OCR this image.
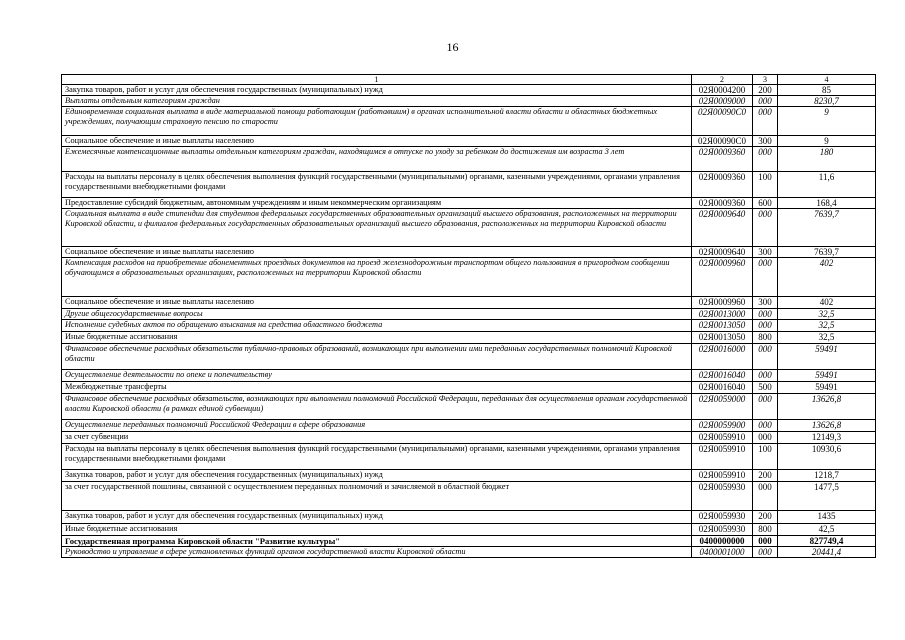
16
1	2	3	4
Закупка товаров, работ и услуг для обеспечения государственных (муниципальных) нужд	02Я0004200	200	85
Выплаты отдельным категориям граждан	02Я0009000	000	8230,7
Единовременная социальная выплата в виде материальной помощи работающим (работавшим) в органах исполнительной власти области и областных бюджетных учреждениях, получающим страховую пенсию по старости	02Я00090С0	000	9
Социальное обеспечение и иные выплаты населению	02Я00090С0	300	9
Ежемесячные компенсационные выплаты отдельным категориям граждан, находящимся в отпуске по уходу за ребенком до достижения им возраста 3 лет	02Я0009360	000	180
Расходы на выплаты персоналу в целях обеспечения выполнения функций государственными (муниципальными) органами, казенными учреждениями, органами управления государственными внебюджетными фондами	02Я0009360	100	11,6
Предоставление субсидий бюджетным, автономным учреждениям и иным некоммерческим организациям	02Я0009360	600	168,4
Социальная выплата в виде стипендии для студентов федеральных государственных образовательных организаций высшего образования, расположенных на территории Кировской области, и филиалов федеральных государственных образовательных организаций высшего образования, расположенных на территории Кировской области	02Я0009640	000	7639,7
Социальное обеспечение и иные выплаты населению	02Я0009640	300	7639,7
Компенсация расходов на приобретение абонементных проездных документов на проезд железнодорожным транспортом общего пользования в пригородном сообщении обучающимся в образовательных организациях, расположенных на территории Кировской области	02Я0009960	000	402
Социальное обеспечение и иные выплаты населению	02Я0009960	300	402
Другие общегосударственные вопросы	02Я0013000	000	32,5
Исполнение судебных актов по обращению взыскания на средства областного бюджета	02Я0013050	000	32,5
Иные бюджетные ассигнования	02Я0013050	800	32,5
Финансовое обеспечение расходных обязательств публично-правовых образований, возникающих при выполнении ими переданных государственных полномочий Кировской области	02Я0016000	000	59491
Осуществление деятельности по опеке и попечительству	02Я0016040	000	59491
Межбюджетные трансферты	02Я0016040	500	59491
Финансовое обеспечение расходных обязательств, возникающих при выполнении полномочий Российской Федерации, переданных для осуществления органам государственной власти Кировской области (в рамках единой субвенции)	02Я0059000	000	13626,8
Осуществление переданных полномочий Российской Федерации в сфере образования	02Я0059900	000	13626,8
за счет субвенции	02Я0059910	000	12149,3
Расходы на выплаты персоналу в целях обеспечения выполнения функций государственными (муниципальными) органами, казенными учреждениями, органами управления государственными внебюджетными фондами	02Я0059910	100	10930,6
Закупка товаров, работ и услуг для обеспечения государственных (муниципальных) нужд	02Я0059910	200	1218,7
за счет государственной пошлины, связанной с осуществлением переданных полномочий и зачисляемой в областной бюджет	02Я0059930	000	1477,5
Закупка товаров, работ и услуг для обеспечения государственных (муниципальных) нужд	02Я0059930	200	1435
Иные бюджетные ассигнования	02Я0059930	800	42,5
Государственная программа Кировской области "Развитие культуры"	0400000000	000	827749,4
Руководство и управление в сфере установленных функций органов государственной власти Кировской области	0400001000	000	20441,4
